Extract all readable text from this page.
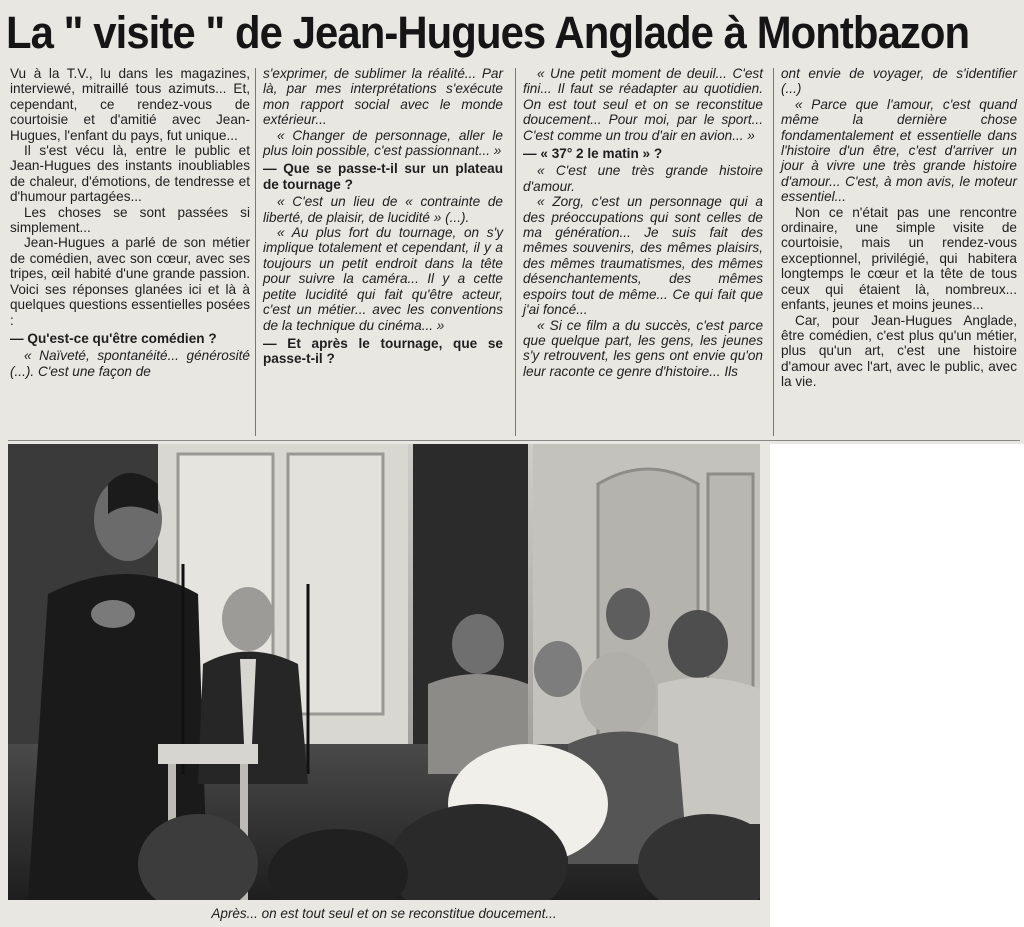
La " visite " de Jean-Hugues Anglade à Montbazon

Vu à la T.V., lu dans les magazines, interviewé, mitraillé tous azimuts... Et, cependant, ce rendez-vous de courtoisie et d'amitié avec Jean-Hugues, l'enfant du pays, fut unique...

Il s'est vécu là, entre le public et Jean-Hugues des instants inoubliables de chaleur, d'émotions, de tendresse et d'humour partagées...

Les choses se sont passées si simplement...

Jean-Hugues a parlé de son métier de comédien, avec son cœur, avec ses tripes, œil habité d'une grande passion. Voici ses réponses glanées ici et là à quelques questions essentielles posées :

— Qu'est-ce qu'être comédien ?

« Naïveté, spontanéité... générosité (...). C'est une façon de

s'exprimer, de sublimer la réalité... Par là, par mes interprétations s'exécute mon rapport social avec le monde extérieur...

« Changer de personnage, aller le plus loin possible, c'est passionnant... »

— Que se passe-t-il sur un plateau de tournage ?

« C'est un lieu de « contrainte de liberté, de plaisir, de lucidité » (...).

« Au plus fort du tournage, on s'y implique totalement et cependant, il y a toujours un petit endroit dans la tête pour suivre la caméra... Il y a cette petite lucidité qui fait qu'être acteur, c'est un métier... avec les conventions de la technique du cinéma... »

— Et après le tournage, que se passe-t-il ?

« Une petit moment de deuil... C'est fini... Il faut se réadapter au quotidien. On est tout seul et on se reconstitue doucement... Pour moi, par le sport... C'est comme un trou d'air en avion... »

— « 37° 2 le matin » ?

« C'est une très grande histoire d'amour.

« Zorg, c'est un personnage qui a des préoccupations qui sont celles de ma génération... Je suis fait des mêmes souvenirs, des mêmes plaisirs, des mêmes traumatismes, des mêmes désenchantements, des mêmes espoirs tout de même... Ce qui fait que j'ai foncé...

« Si ce film a du succès, c'est parce que quelque part, les gens, les jeunes s'y retrouvent, les gens ont envie qu'on leur raconte ce genre d'histoire... Ils

ont envie de voyager, de s'identifier (...)

« Parce que l'amour, c'est quand même la dernière chose fondamentalement et essentielle dans l'histoire d'un être, c'est d'arriver un jour à vivre une très grande histoire d'amour... C'est, à mon avis, le moteur essentiel...

Non ce n'était pas une rencontre ordinaire, une simple visite de courtoisie, mais un rendez-vous exceptionnel, privilégié, qui habitera longtemps le cœur et la tête de tous ceux qui étaient là, nombreux... enfants, jeunes et moins jeunes...

Car, pour Jean-Hugues Anglade, être comédien, c'est plus qu'un métier, plus qu'un art, c'est une histoire d'amour avec l'art, avec le public, avec la vie.

Après... on est tout seul et on se reconstitue doucement...
